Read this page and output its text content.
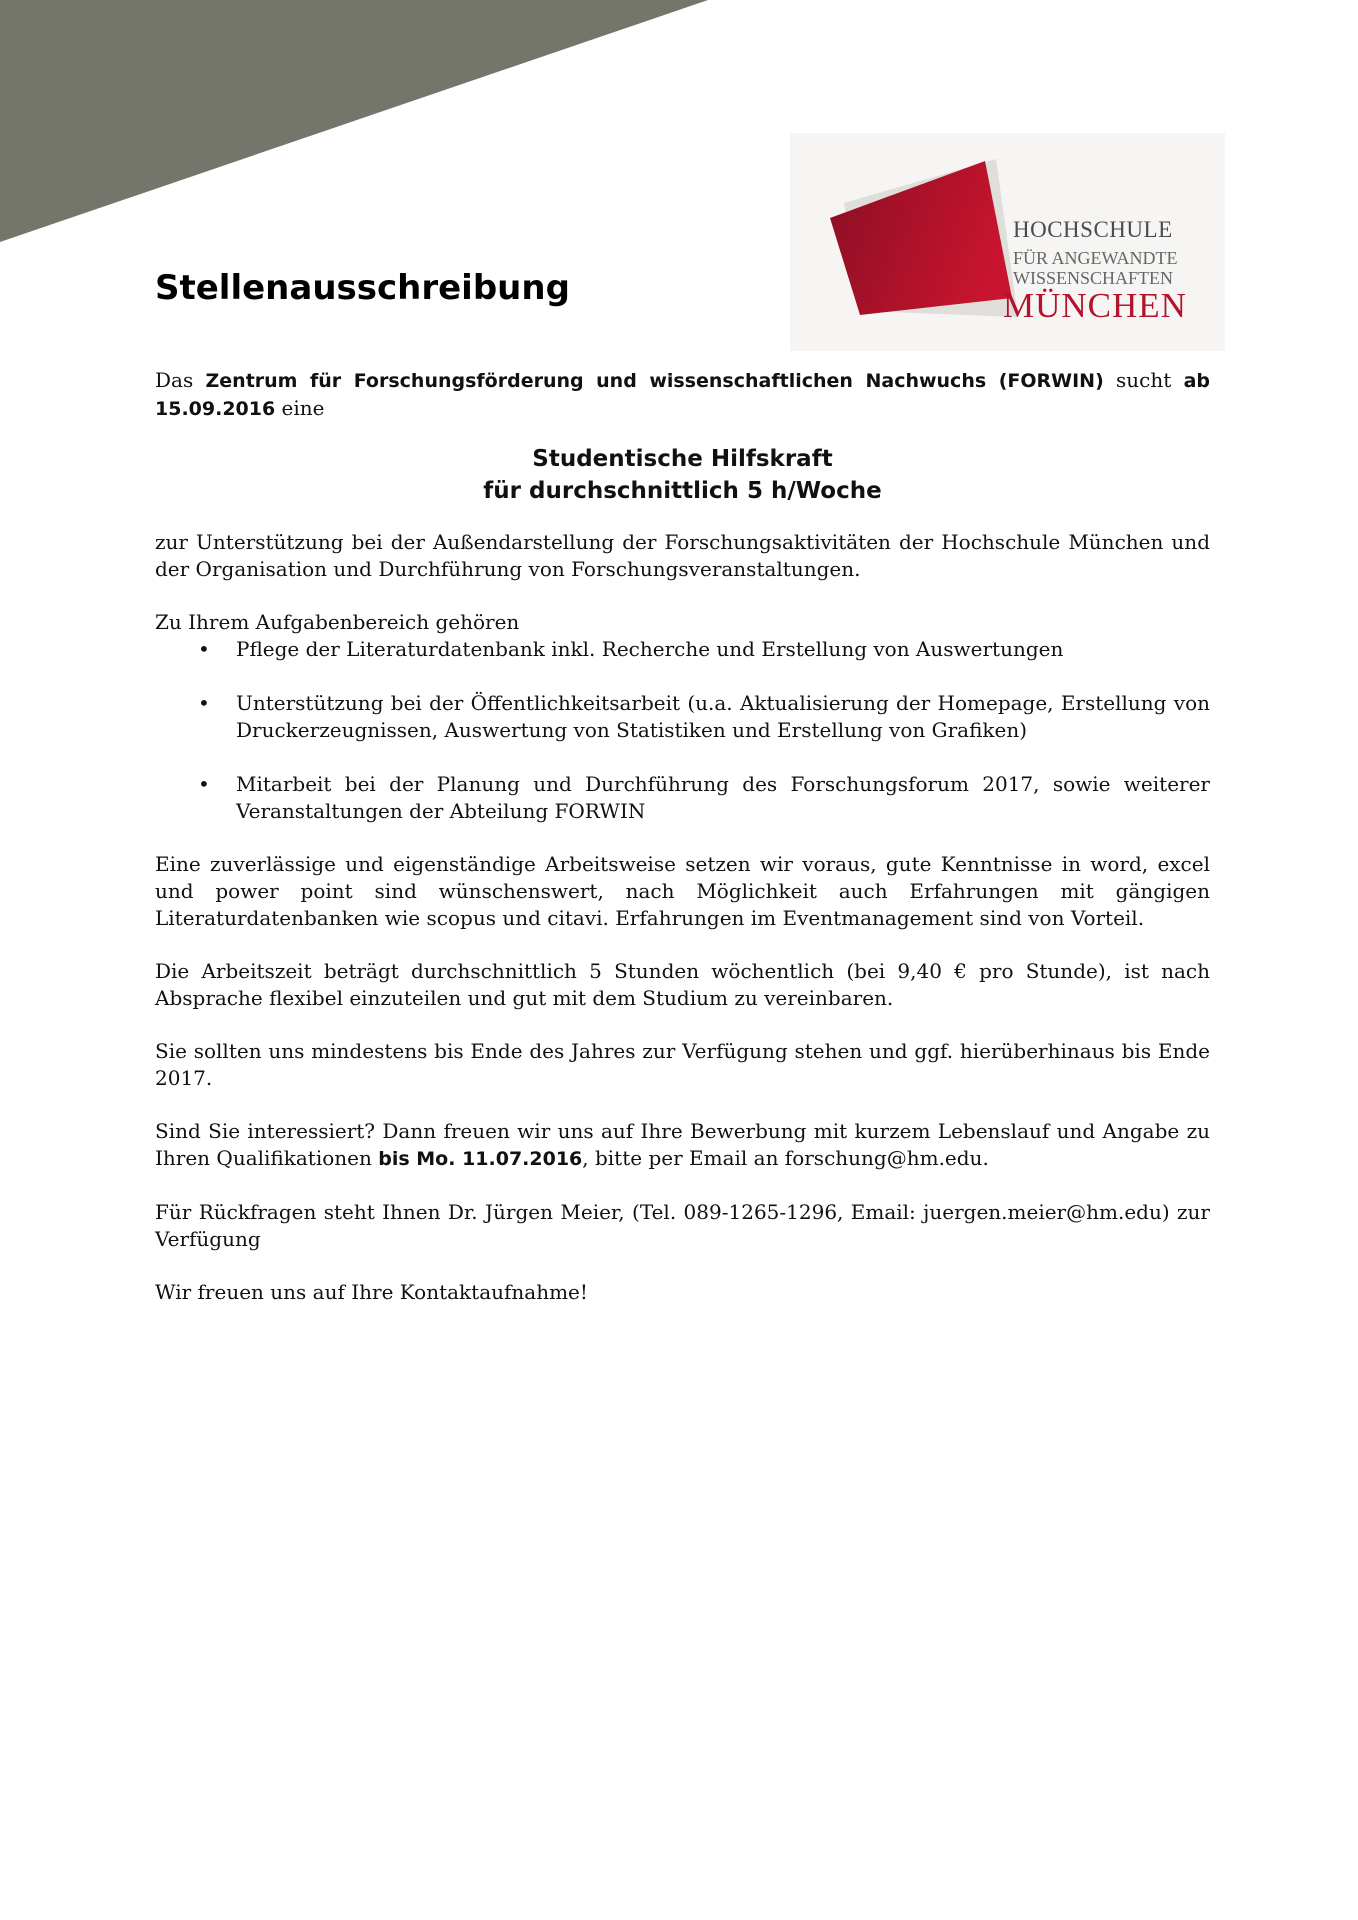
HOCHSCHULE
FÜR ANGEWANDTE
WISSENSCHAFTEN
MÜNCHEN
Stellenausschreibung

Das Zentrum für Forschungsförderung und wissenschaftlichen Nachwuchs (FORWIN) sucht ab 15.09.2016 eine

Studentische Hilfskraft
für durchschnittlich 5 h/Woche

zur Unterstützung bei der Außendarstellung der Forschungsaktivitäten der Hochschule München und der Organisation und Durchführung von Forschungsveranstaltungen.

Zu Ihrem Aufgabenbereich gehören

• Pflege der Literaturdatenbank inkl. Recherche und Erstellung von Auswertungen
• Unterstützung bei der Öffentlichkeitsarbeit (u.a. Aktualisierung der Homepage, Erstellung von Druckerzeugnissen, Auswertung von Statistiken und Erstellung von Grafiken)
• Mitarbeit bei der Planung und Durchführung des Forschungsforum 2017, sowie weiterer Veranstaltungen der Abteilung FORWIN

Eine zuverlässige und eigenständige Arbeitsweise setzen wir voraus, gute Kenntnisse in word, excel und power point sind wünschenswert, nach Möglichkeit auch Erfahrungen mit gängigen Literaturdatenbanken wie scopus und citavi. Erfahrungen im Eventmanagement sind von Vorteil.

Die Arbeitszeit beträgt durchschnittlich 5 Stunden wöchentlich (bei 9,40 € pro Stunde), ist nach Absprache flexibel einzuteilen und gut mit dem Studium zu vereinbaren.

Sie sollten uns mindestens bis Ende des Jahres zur Verfügung stehen und ggf. hierüberhinaus bis Ende 2017.

Sind Sie interessiert? Dann freuen wir uns auf Ihre Bewerbung mit kurzem Lebenslauf und Angabe zu Ihren Qualifikationen bis Mo. 11.07.2016, bitte per Email an forschung@hm.edu.

Für Rückfragen steht Ihnen Dr. Jürgen Meier, (Tel. 089-1265-1296, Email: juergen.meier@hm.edu) zur Verfügung

Wir freuen uns auf Ihre Kontaktaufnahme!
